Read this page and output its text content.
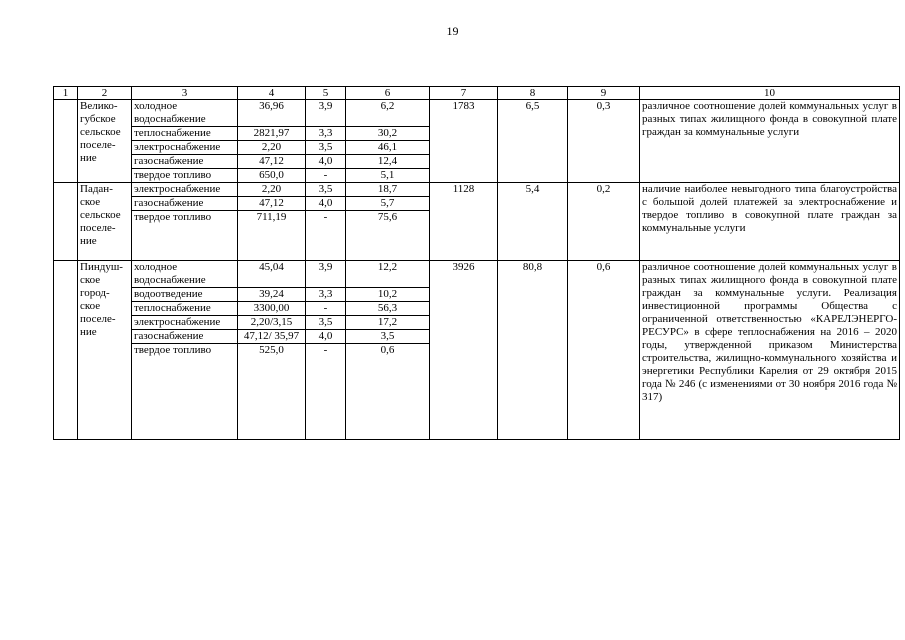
19
1	2	3	4	5	6	7	8	9	10
	Велико-губское сельское поселе-ние	холодное водоснабжение	36,96	3,9	6,2	1783	6,5	0,3	различное соотношение долей коммунальных услуг в разных типах жилищного фонда в совокупной плате граждан за коммунальные услуги
		теплоснабжение	2821,97	3,3	30,2				
		электроснабжение	2,20	3,5	46,1				
		газоснабжение	47,12	4,0	12,4				
		твердое топливо	650,0	-	5,1				
	Падан-ское сельское поселе-ние	электроснабжение	2,20	3,5	18,7	1128	5,4	0,2	наличие наиболее невыгодного типа благоустройства с большой долей платежей за электроснабжение и твердое топливо в совокупной плате граждан за коммунальные услуги
		газоснабжение	47,12	4,0	5,7				
		твердое топливо	711,19	-	75,6				

	Пиндуш-ское город-ское поселе-ние	холодное водоснабжение	45,04	3,9	12,2	3926	80,8	0,6	различное соотношение долей коммунальных услуг в разных типах жилищного фонда в совокупной плате граждан за коммунальные услуги. Реализация инвестиционной программы Общества с ограниченной ответственностью «КАРЕЛЭНЕРГО-РЕСУРС» в сфере теплоснабжения на 2016 – 2020 годы, утвержденной приказом Министерства строительства, жилищно-коммунального хозяйства и энергетики Республики Карелия от 29 октября 2015 года № 246 (с изменениями от 30 ноября 2016 года № 317)
		водоотведение	39,24	3,3	10,2				
		теплоснабжение	3300,00	-	56,3				
		электроснабжение	2,20/3,15	3,5	17,2				
		газоснабжение	47,12/ 35,97	4,0	3,5				
		твердое топливо	525,0	-	0,6				
